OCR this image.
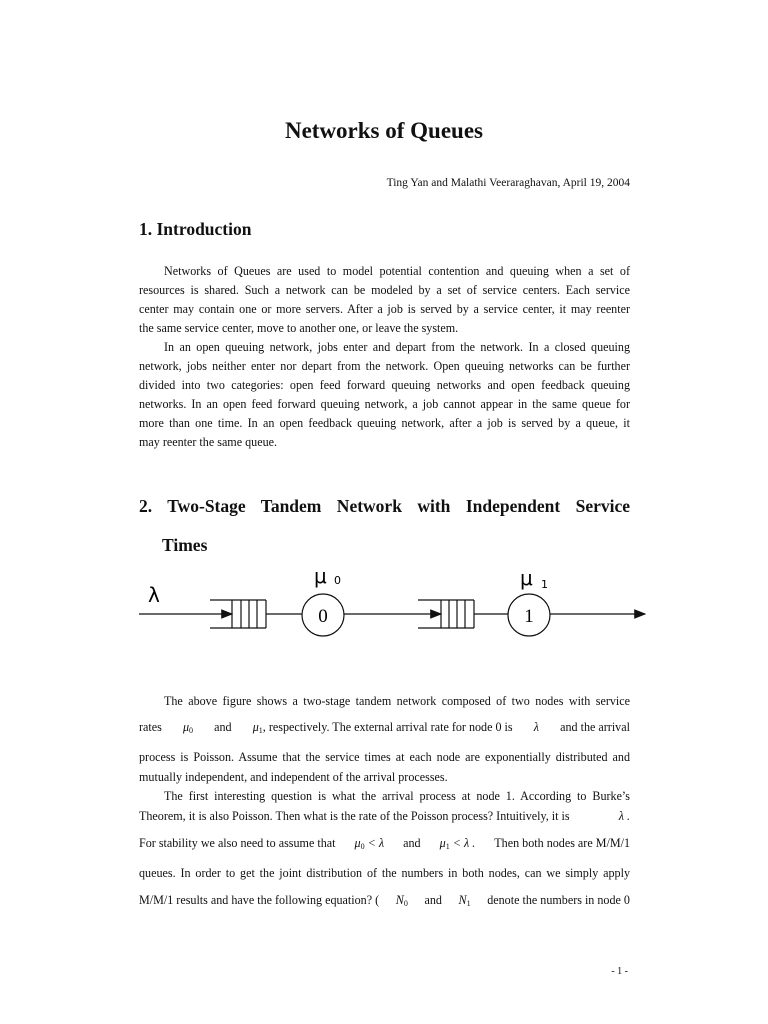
Networks of Queues
Ting Yan and Malathi Veeraraghavan, April 19, 2004
1. Introduction
Networks of Queues are used to model potential contention and queuing when a set of
resources is shared. Such a network can be modeled by a set of service centers. Each service
center may contain one or more servers. After a job is served by a service center, it may reenter
the same service center, move to another one, or leave the system.
In an open queuing network, jobs enter and depart from the network. In a closed queuing
network, jobs neither enter nor depart from the network. Open queuing networks can be further
divided into two categories: open feed forward queuing networks and open feedback queuing
networks. In an open feed forward queuing network, a job cannot appear in the same queue for
more than one time. In an open feedback queuing network, after a job is served by a queue, it
may reenter the same queue.
2. Two-Stage Tandem Network with Independent Service
Times
λ
0
μ 0
1
μ 1
The above figure shows a two-stage tandem network composed of two nodes with service
rates $\mu_0$ and $\mu_1$, respectively. The external arrival rate for node 0 is λ and the arrival
process is Poisson. Assume that the service times at each node are exponentially distributed and
mutually independent, and independent of the arrival processes.
The first interesting question is what the arrival process at node 1. According to Burke’s
Theorem, it is also Poisson. Then what is the rate of the Poisson process? Intuitively, it is	λ .
For stability we also need to assume that $\mu_0 < \lambda$ and $\mu_1 < \lambda$ . Then both nodes are M/M/1
queues. In order to get the joint distribution of the numbers in both nodes, can we simply apply
M/M/1 results and have the following equation? ( $N_0$ and $N_1$ denote the numbers in node 0
- 1 -
